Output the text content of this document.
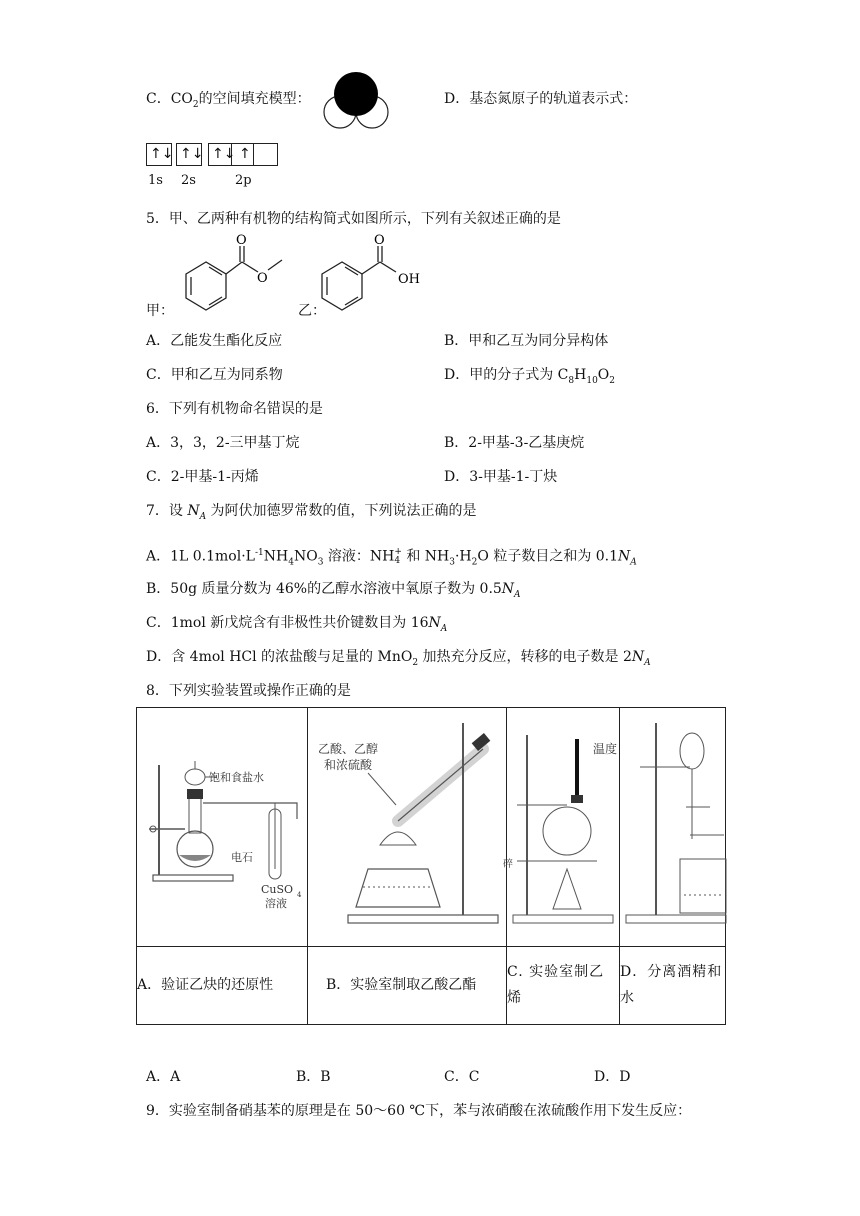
C．$CO_2$的空间填充模型：	D．基态氮原子的轨道表示式：
↑↓ ↑↓ ↑↓ ↑
1s 2s	2p
5．甲、乙两种有机物的结构简式如图所示，下列有关叙述正确的是
甲：
O
O
乙：
O
OH
A．乙能发生酯化反应	B．甲和乙互为同分异构体
C．甲和乙互为同系物	D．甲的分子式为 $C_8H_{10}O_2$
6．下列有机物命名错误的是
A．3，3，2-三甲基丁烷	B．2-甲基-3-乙基庚烷
C．2-甲基-1-丙烯	D．3-甲基-1-丁炔
7．设 $N_A$ 为阿伏加德罗常数的值，下列说法正确的是
A．1L $0.1mol\cdot L^{-1}NH_4NO_3$ 溶液：NH +
4 和 $NH_3\cdot H_2O$ 粒子数目之和为 $0.1N_A$
B．50g 质量分数为 46%的乙醇水溶液中氧原子数为 $0.5N_A$
C．1mol 新戊烷含有非极性共价键数目为 $16N_A$
D．含 4mol HCl 的浓盐酸与足量的 MnO$_2$ 加热充分反应，转移的电子数是 $2N_A$
8．下列实验装置或操作正确的是
饱和食盐水
电石
CuSO 4
溶液	乙酸、乙醇
和浓硫酸	温度
碎

A．验证乙炔的还原性	B．实验室制取乙酸乙酯	C. 实验室制乙烯	D．分离酒精和水
A．A	B．B	C．C	D．D
9．实验室制备硝基苯的原理是在 50～60 ℃下，苯与浓硝酸在浓硫酸作用下发生反应：
